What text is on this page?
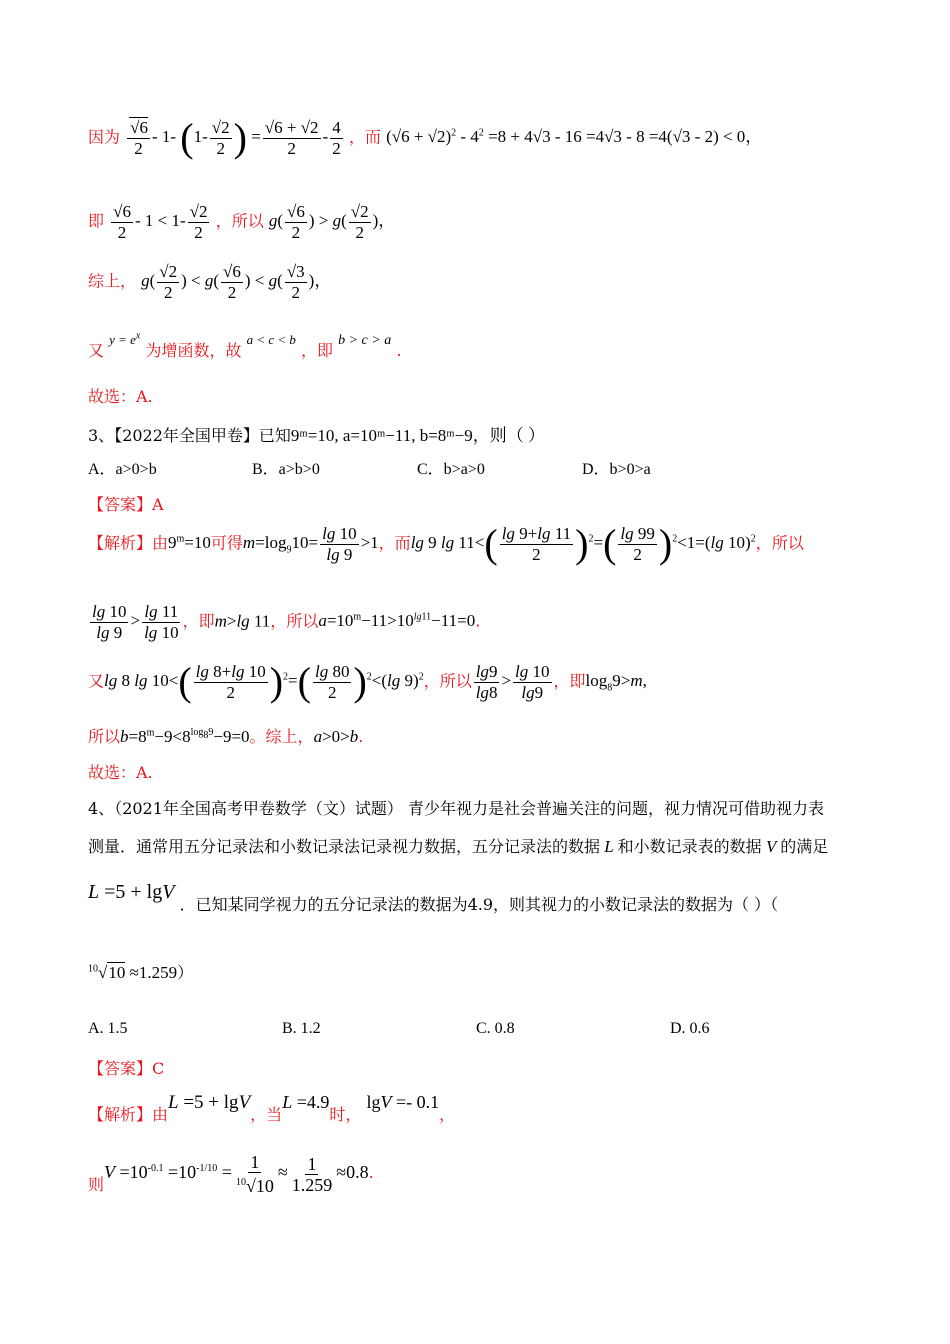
因为 $\frac{√6}{2} - 1-$ ($1- \frac{√2}{2}$ ) = $\frac{√6 + √2}{2} - \frac{4}{2}$ ，而 $(√6 + √2)^2 - 4^2 =8 + 4√3 - 16 =4√3 - 8 =4(√3 - 2) < 0$，
即 $\frac{√6}{2} - 1 < 1- \frac{√2}{2}$ ，所以 $g( \frac{√6}{2}$ ) > $g( \frac{√2}{2}$ )，
综上， $g( \frac{√2}{2}$ ) < $g( \frac{√6}{2}$ ) < $g( \frac{√3}{2}$ )，
又 $y = e^x$ 为增函数，故 a < c < b ，即 b > c > a .
故选：A.
3、【2022年全国甲卷】已知9ᵐ=10, a=10ᵐ−11, b=8ᵐ−9，则（ ）
A．a>0>b	B．a>b>0	C．b>a>0	D．b>0>a
【答案】A
【解析】由$9^m=10$可得$m=\log_910= \frac{\lg 10}{\lg 9} >1$，而lg 9 $\lg 11<( \frac{\lg 9+\lg 11}{2} )^2=( \frac{\lg 99}{2} )^2<1=(\lg$ 10)$^2$，所以
$\frac{\lg 10}{\lg 9} > \frac{\lg 11}{\lg 10}$ ，即m>lg 11，所以$a=10^m-11>10^{lg11}-11=0$.
又lg 8 $\lg 10<( \frac{\lg 8+\lg 10}{2} )^2=( \frac{\lg 80}{2} )^2<(\lg$ 9)$^2$，所以 $\frac{\lg 9}{\lg 8} > \frac{\lg 10}{\lg 9}$ ，即$\log_89>m$,
所以$b=8^m-9<8^{log_89}-9=0$。综上，a>0>b.
故选：A.
4、（2021年全国高考甲卷数学（文）试题） 青少年视力是社会普遍关注的问题，视力情况可借助视力表
测量．通常用五分记录法和小数记录法记录视力数据，五分记录法的数据 L 和小数记录表的数据 V 的满足
L =5 + lgV ．已知某同学视力的五分记录法的数据为4.9，则其视力的小数记录法的数据为（ ）（
$^{10}$√10 ≈1.259）
A. 1.5	B. 1.2	C. 0.8	D. 0.6
【答案】C
【解析】由L =5 + lgV，当L =4.9时， lgV =- 0.1，
则$V =10^{-0.1} =10^{-1/10} = \frac{1}{^{10}√10} \approx \frac{1}{1.259} \approx 0.8$.
